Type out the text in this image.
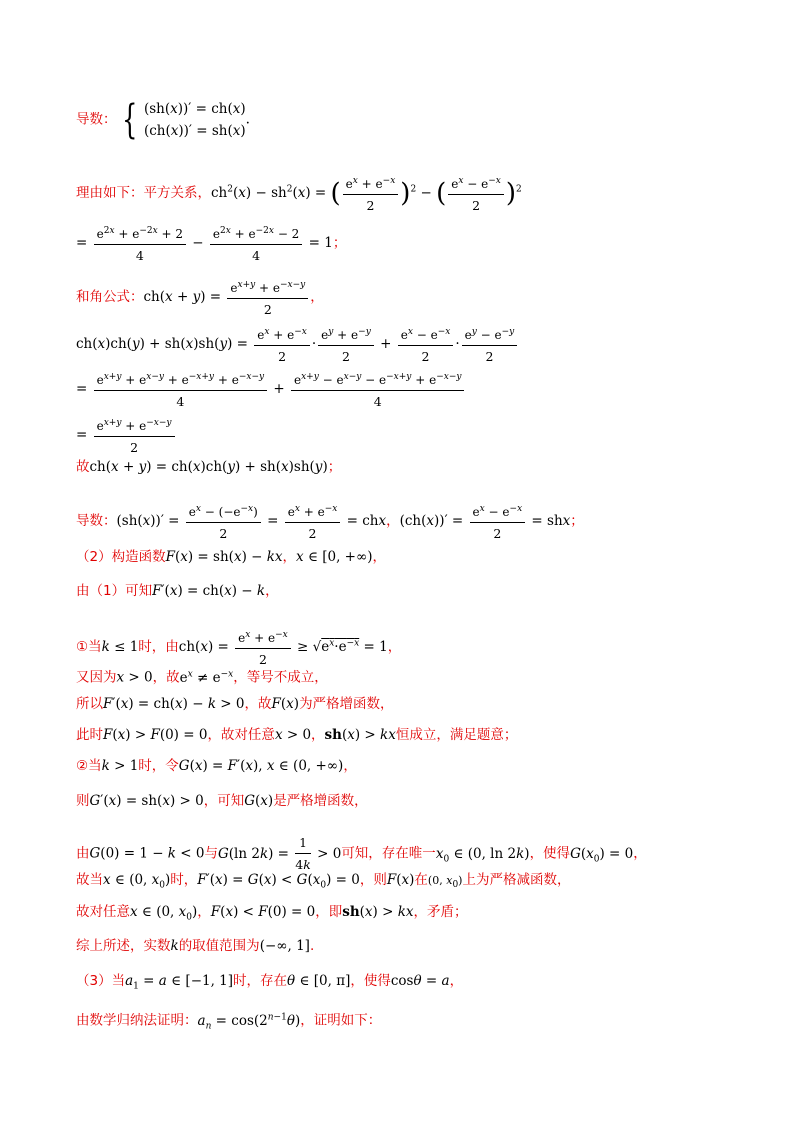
导数： { (sh(x))′ = ch(x)
(ch(x))′ = sh(x).
理由如下：平方关系，$ch^2(x) - sh^2(x)$ = ( $\frac{e^x + e^{-x}}{2} )^2$ − ( $\frac{e^x - e^{-x}}{2} )^2$
= $\frac{e^{2x} + e^{-2x} + 2}{4} - \frac{e^{2x} + e^{-2x} - 2}{4} = 1$；
和角公式：$ch(x + y) = \frac{e^{x+y} + e^{-x-y}}{2}$ ，
$ch(x)ch(y) + sh(x)sh(y) = \frac{e^x + e^{-x}}{2} \cdot \frac{e^y + e^{-y}}{2} + \frac{e^x - e^{-x}}{2} \cdot \frac{e^y - e^{-y}}{2}$
= $\frac{e^{x+y} + e^{x-y} + e^{-x+y} + e^{-x-y}}{4} + \frac{e^{x+y} - e^{x-y} - e^{-x+y} + e^{-x-y}}{4}$
= $\frac{e^{x+y} + e^{-x-y}}{2}$
故ch(x + y) = ch(x)ch(y) + sh(x)sh(y)；
导数：$(sh(x))' = \frac{e^x - (-e^{-x})}{2} = \frac{e^x + e^{-x}}{2}$ = chx，$(ch(x))' = \frac{e^x - e^{-x}}{2}$ = shx；
（2）构造函数F(x) = sh(x) − kx，x ∈ [0, +∞)，
由（1）可知F′(x) = ch(x) − k，
①当k ≤ 1时，由$ch(x) = \frac{e^x + e^{-x}}{2} \ge √e^x\cdot e^{-x} = 1$，
又因为x > 0，故$e^x \ne e^{-x}$，等号不成立，
所以F′(x) = ch(x) − k > 0，故F(x)为严格增函数，
此时F(x) > F(0) = 0，故对任意x > 0，sh(x) > kx恒成立，满足题意；
②当k > 1时，令G(x) = F′(x), x ∈ (0, +∞)，
则G′(x) = sh(x) > 0，可知G(x)是严格增函数，
由G(0) = 1 − k < 0与G(ln $2k) = \frac{1}{4k} > 0$可知，存在唯一$x_0$ ∈ (0, ln 2k)，使得$G(x_0) = 0$，
故当x ∈ (0, $x_0$)时，$F'(x) = G(x) < G(x_0) = 0$，则F(x)在(0, $x_0$)上为严格减函数，
故对任意x ∈ (0, $x_0$)，F(x) < F(0) = 0，即sh(x) > kx，矛盾；
综上所述，实数k的取值范围为(−∞, 1].
（3）当$a_1 = a$ ∈ [−1, 1]时，存在θ ∈ [0, π]，使得cosθ = a，
由数学归纳法证明：$a_n = \cos(2^{n-1}\theta)$，证明如下：
